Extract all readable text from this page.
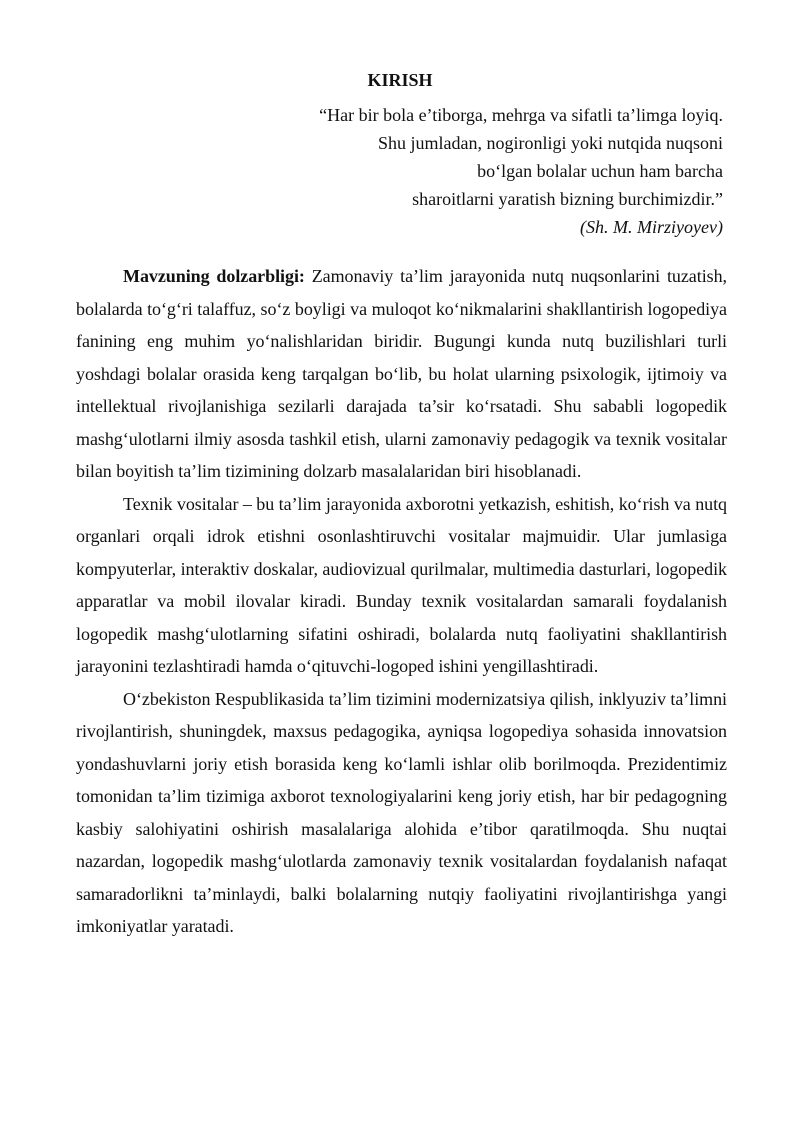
KIRISH
“Har bir bola e’tiborga, mehrga va sifatli ta’limga loyiq.
Shu jumladan, nogironligi yoki nutqida nuqsoni
bo‘lgan bolalar uchun ham barcha
sharoitlarni yaratish bizning burchimizdir.”
(Sh. M. Mirziyoyev)

Mavzuning dolzarbligi: Zamonaviy ta’lim jarayonida nutq nuqsonlarini tuzatish, bolalarda to‘g‘ri talaffuz, so‘z boyligi va muloqot ko‘nikmalarini shakllantirish logopediya fanining eng muhim yo‘nalishlaridan biridir. Bugungi kunda nutq buzilishlari turli yoshdagi bolalar orasida keng tarqalgan bo‘lib, bu holat ularning psixologik, ijtimoiy va intellektual rivojlanishiga sezilarli darajada ta’sir ko‘rsatadi. Shu sababli logopedik mashg‘ulotlarni ilmiy asosda tashkil etish, ularni zamonaviy pedagogik va texnik vositalar bilan boyitish ta’lim tizimining dolzarb masalalaridan biri hisoblanadi.

Texnik vositalar – bu ta’lim jarayonida axborotni yetkazish, eshitish, ko‘rish va nutq organlari orqali idrok etishni osonlashtiruvchi vositalar majmuidir. Ular jumlasiga kompyuterlar, interaktiv doskalar, audiovizual qurilmalar, multimedia dasturlari, logopedik apparatlar va mobil ilovalar kiradi. Bunday texnik vositalardan samarali foydalanish logopedik mashg‘ulotlarning sifatini oshiradi, bolalarda nutq faoliyatini shakllantirish jarayonini tezlashtiradi hamda o‘qituvchi-logoped ishini yengillashtiradi.

O‘zbekiston Respublikasida ta’lim tizimini modernizatsiya qilish, inklyuziv ta’limni rivojlantirish, shuningdek, maxsus pedagogika, ayniqsa logopediya sohasida innovatsion yondashuvlarni joriy etish borasida keng ko‘lamli ishlar olib borilmoqda. Prezidentimiz tomonidan ta’lim tizimiga axborot texnologiyalarini keng joriy etish, har bir pedagogning kasbiy salohiyatini oshirish masalalariga alohida e’tibor qaratilmoqda. Shu nuqtai nazardan, logopedik mashg‘ulotlarda zamonaviy texnik vositalardan foydalanish nafaqat samaradorlikni ta’minlaydi, balki bolalarning nutqiy faoliyatini rivojlantirishga yangi imkoniyatlar yaratadi.
